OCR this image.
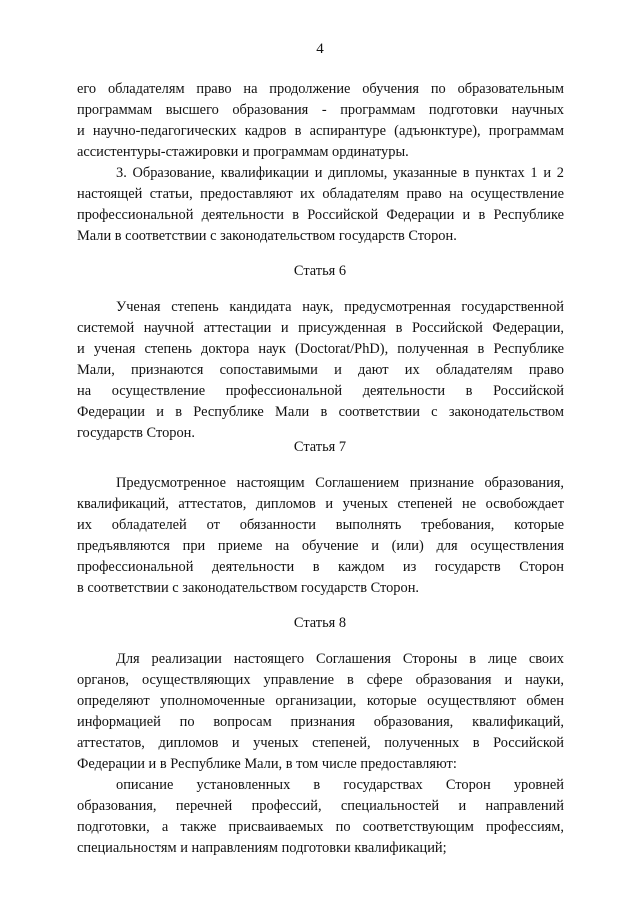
4
его обладателям право на продолжение обучения по образовательным
программам высшего образования - программам подготовки научных
и научно-педагогических кадров в аспирантуре (адъюнктуре), программам
ассистентуры-стажировки и программам ординатуры.
3. Образование, квалификации и дипломы, указанные в пунктах 1 и 2
настоящей статьи, предоставляют их обладателям право на осуществление
профессиональной деятельности в Российской Федерации и в Республике
Мали в соответствии с законодательством государств Сторон.
Статья 6
Ученая степень кандидата наук, предусмотренная государственной
системой научной аттестации и присужденная в Российской Федерации,
и ученая степень доктора наук (Doctorat/PhD), полученная в Республике
Мали, признаются сопоставимыми и дают их обладателям право
на осуществление профессиональной деятельности в Российской
Федерации и в Республике Мали в соответствии с законодательством
государств Сторон.
Статья 7
Предусмотренное настоящим Соглашением признание образования,
квалификаций, аттестатов, дипломов и ученых степеней не освобождает
их обладателей от обязанности выполнять требования, которые
предъявляются при приеме на обучение и (или) для осуществления
профессиональной деятельности в каждом из государств Сторон
в соответствии с законодательством государств Сторон.
Статья 8
Для реализации настоящего Соглашения Стороны в лице своих
органов, осуществляющих управление в сфере образования и науки,
определяют уполномоченные организации, которые осуществляют обмен
информацией по вопросам признания образования, квалификаций,
аттестатов, дипломов и ученых степеней, полученных в Российской
Федерации и в Республике Мали, в том числе предоставляют:
описание установленных в государствах Сторон уровней
образования, перечней профессий, специальностей и направлений
подготовки, а также присваиваемых по соответствующим профессиям,
специальностям и направлениям подготовки квалификаций;
